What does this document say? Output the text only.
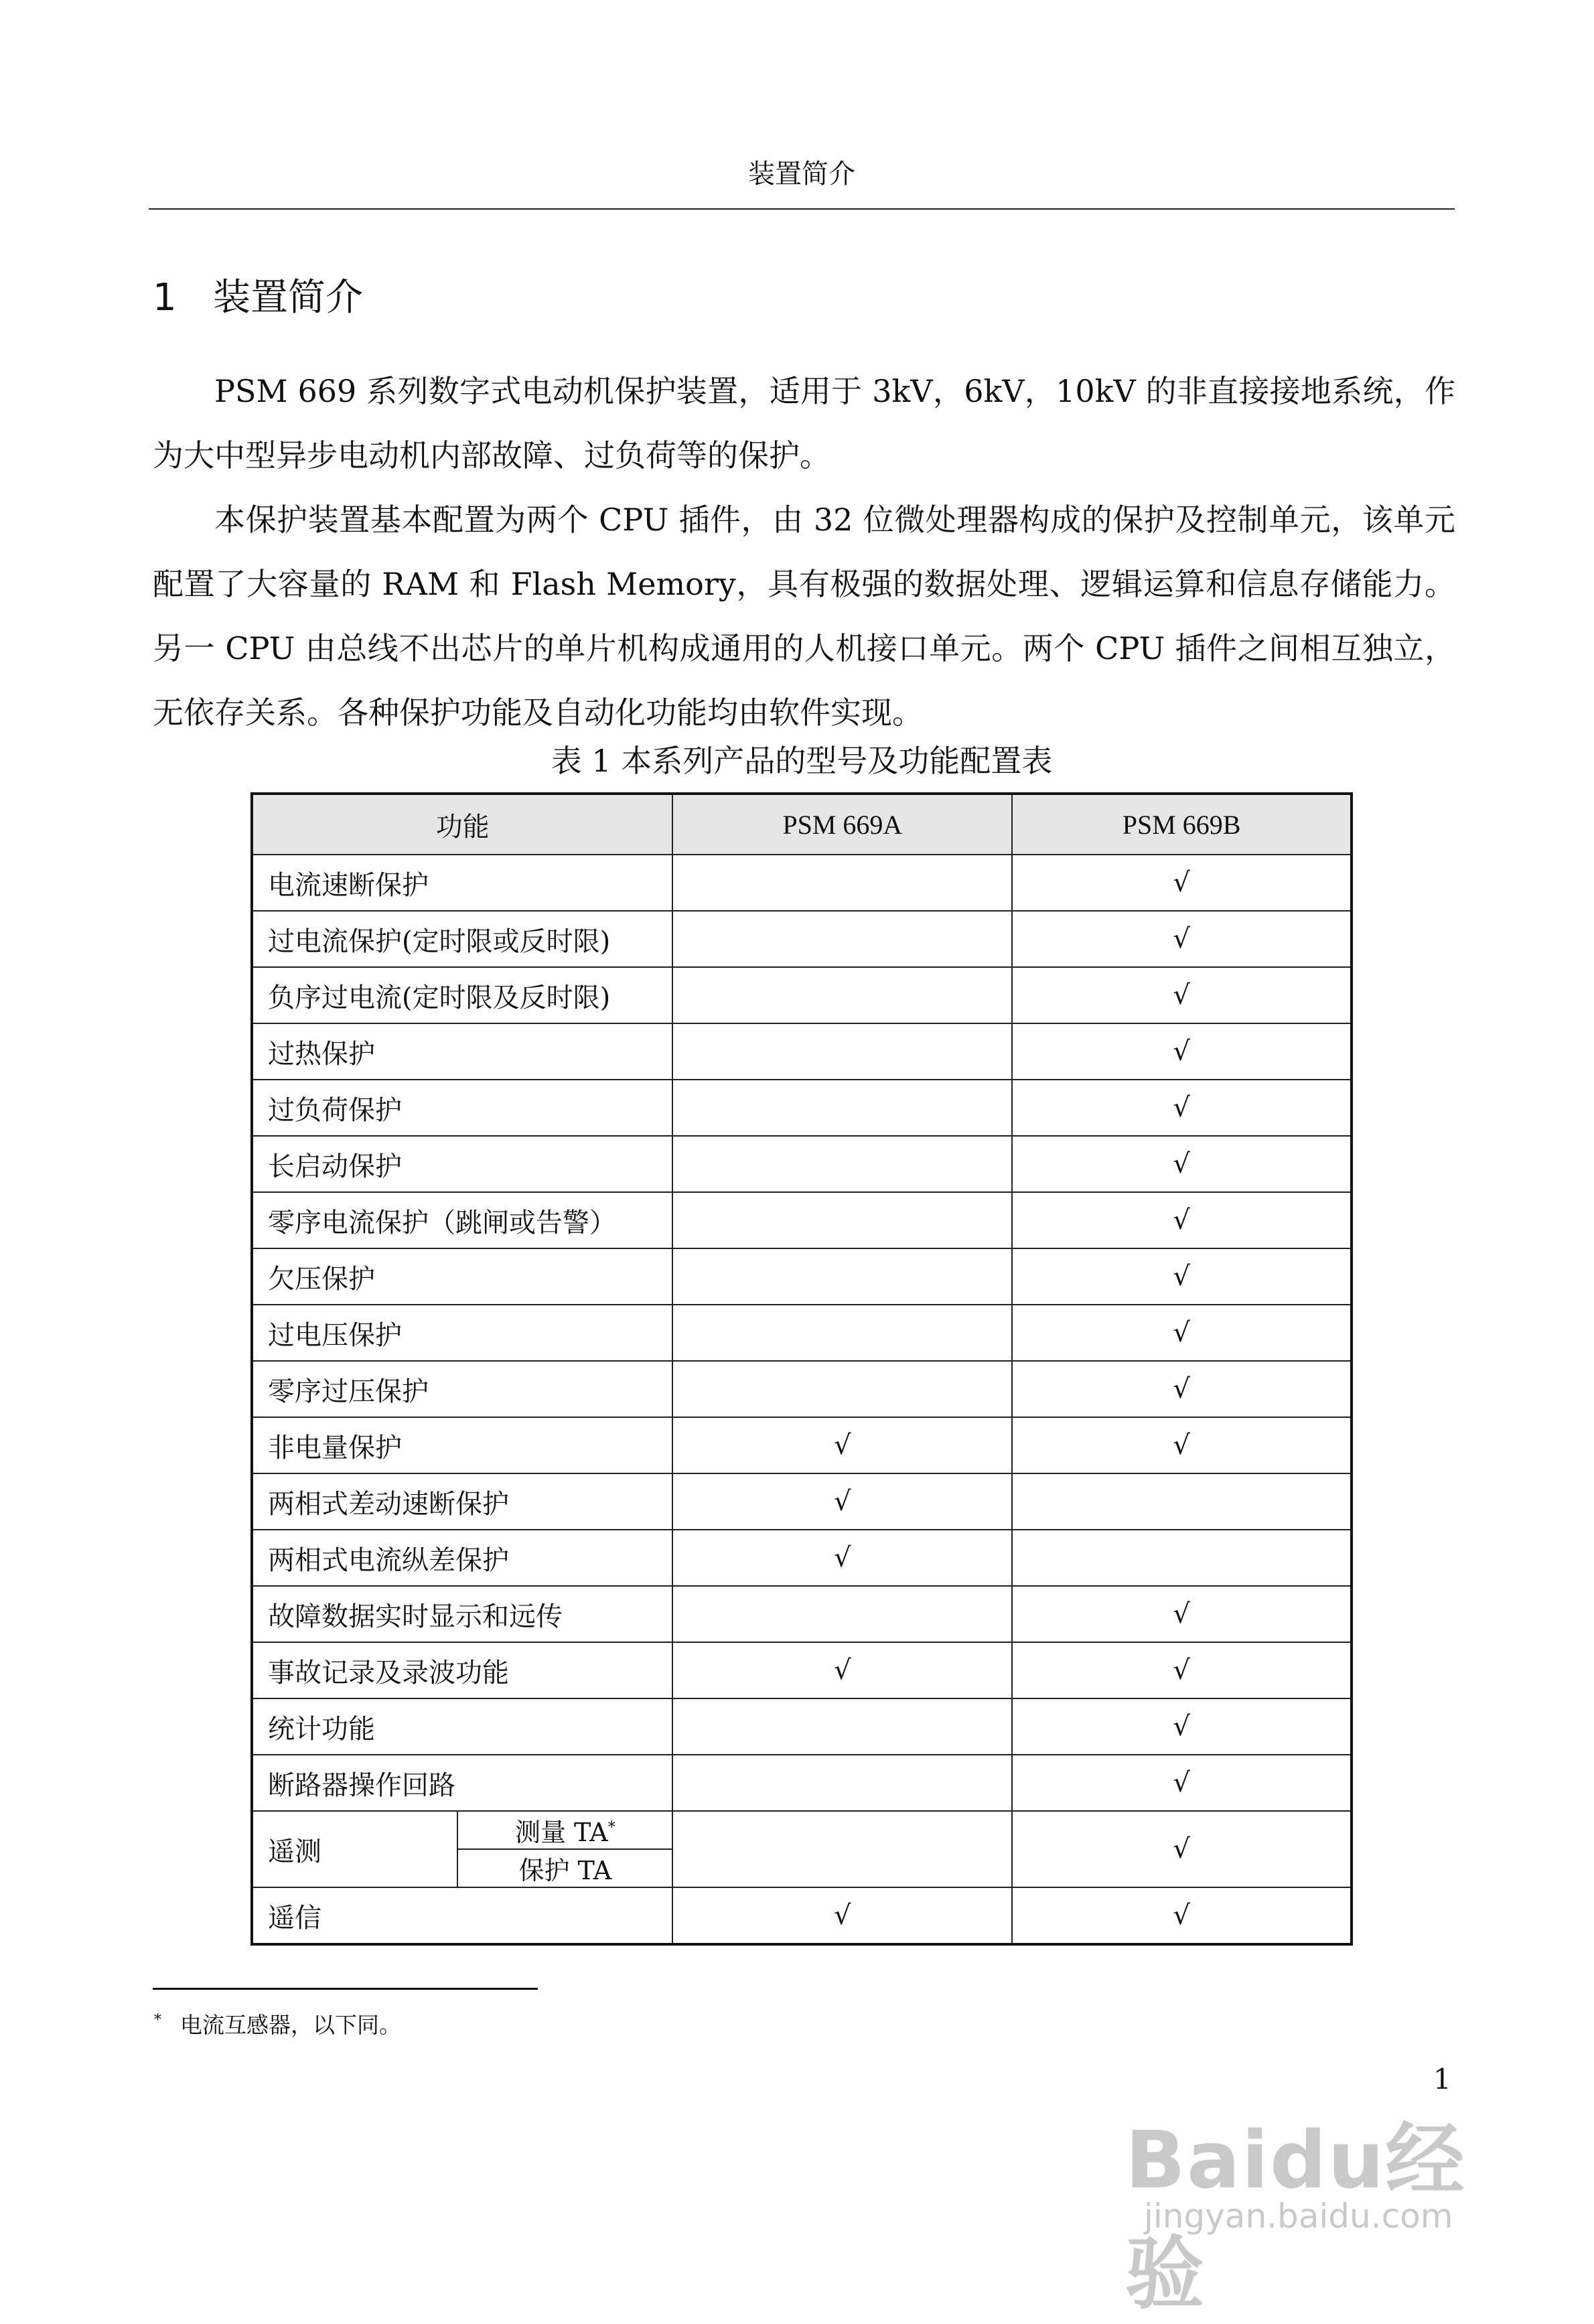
装置简介
1 装置简介

PSM 669 系列数字式电动机保护装置，适用于 3kV，6kV，10kV 的非直接接地系统，作为大中型异步电动机内部故障、过负荷等的保护。

本保护装置基本配置为两个 CPU 插件，由 32 位微处理器构成的保护及控制单元，该单元配置了大容量的 RAM 和 Flash Memory，具有极强的数据处理、逻辑运算和信息存储能力。另一 CPU 由总线不出芯片的单片机构成通用的人机接口单元。两个 CPU 插件之间相互独立，无依存关系。各种保护功能及自动化功能均由软件实现。

表 1 本系列产品的型号及功能配置表
功能		PSM 669A	PSM 669B
电流速断保护			√
过电流保护(定时限或反时限)			√
负序过电流(定时限及反时限)			√
过热保护			√
过负荷保护			√
长启动保护			√
零序电流保护（跳闸或告警）			√
欠压保护			√
过电压保护			√
零序过压保护			√
非电量保护		√	√
两相式差动速断保护		√	
两相式电流纵差保护		√	
故障数据实时显示和远传			√
事故记录及录波功能		√	√
统计功能			√
断路器操作回路			√
遥测	测量 TA*		√
	保护 TA		
遥信		√	√
* 电流互感器，以下同。
1
Baidu经验
jingyan.baidu.com
